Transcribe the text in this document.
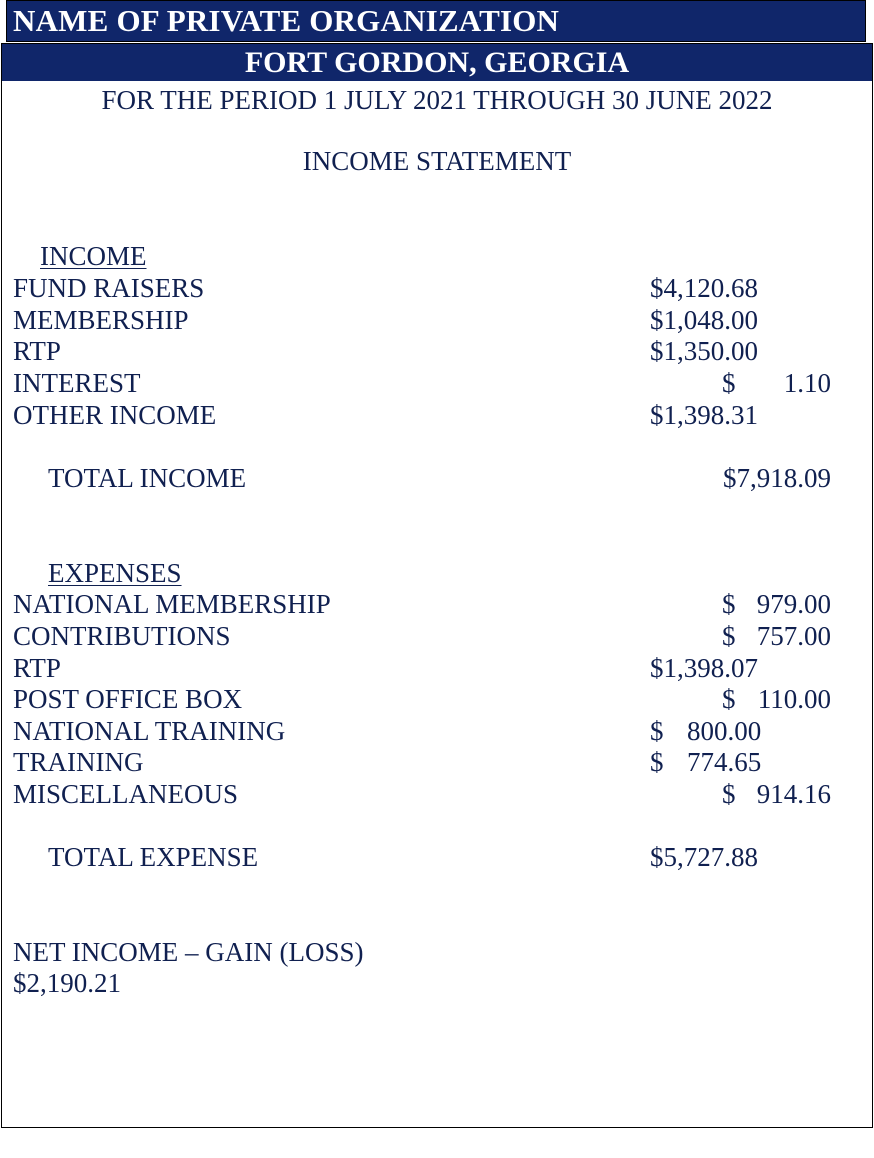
NAME OF PRIVATE ORGANIZATION
FORT GORDON, GEORGIA
FOR THE PERIOD 1 JULY 2021 THROUGH 30 JUNE 2022
INCOME STATEMENT
INCOME
FUND RAISERS	$4,120.68
MEMBERSHIP	$1,048.00
RTP	$1,350.00
INTEREST	$ 1.10
OTHER INCOME	$1,398.31
TOTAL INCOME	$7,918.09
EXPENSES
NATIONAL MEMBERSHIP	$ 979.00
CONTRIBUTIONS	$ 757.00
RTP	$1,398.07
POST OFFICE BOX	$ 110.00
NATIONAL TRAINING	$ 800.00
TRAINING	$ 774.65
MISCELLANEOUS	$ 914.16
TOTAL EXPENSE	$5,727.88
NET INCOME – GAIN (LOSS)
$2,190.21
